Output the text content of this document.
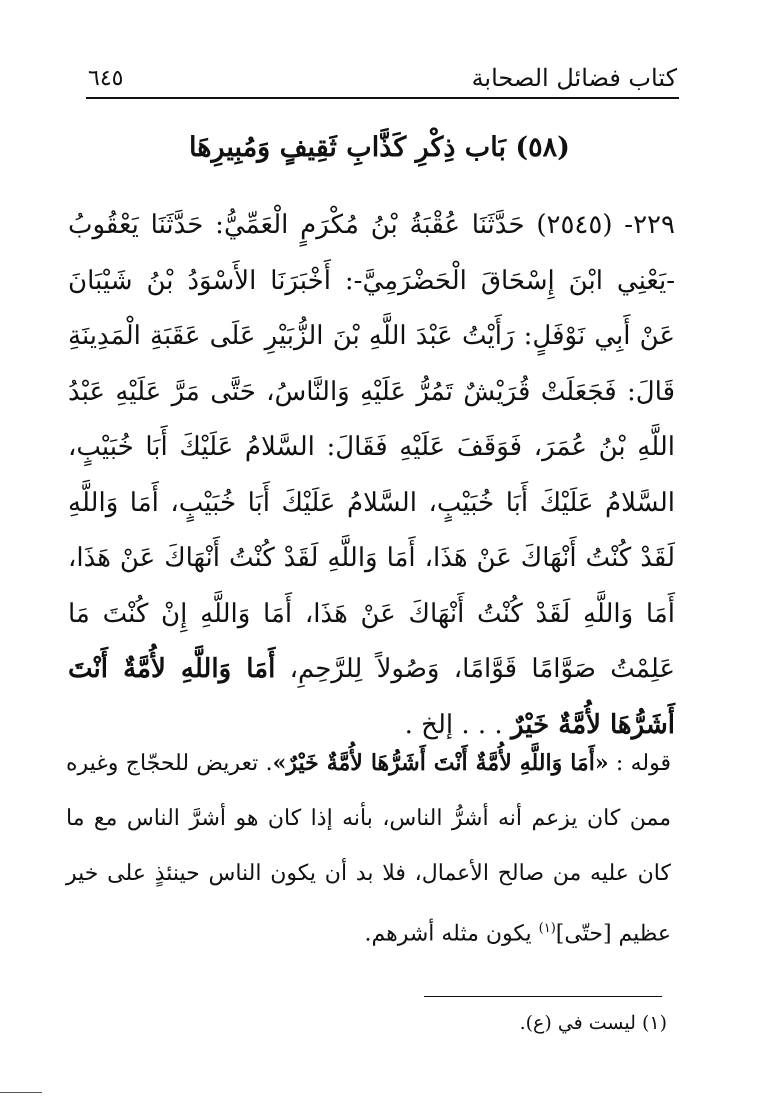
٦٤٥	كتاب فضائل الصحابة
(٥٨) بَاب ذِكْرِ كَذَّابِ ثَقِيفٍ وَمُبِيرِهَا
٢٢٩- (٢٥٤٥) حَدَّثَنَا عُقْبَةُ بْنُ مُكْرَمٍ الْعَمِّيُّ: حَدَّثَنَا يَعْقُوبُ -يَعْنِي ابْنَ إِسْحَاقَ الْحَضْرَمِيَّ-: أَخْبَرَنَا الأَسْوَدُ بْنُ شَيْبَانَ عَنْ أَبِي نَوْفَلٍ: رَأَيْتُ عَبْدَ اللَّهِ بْنَ الزُّبَيْرِ عَلَى عَقَبَةِ الْمَدِينَةِ قَالَ: فَجَعَلَتْ قُرَيْشٌ تَمُرُّ عَلَيْهِ وَالنَّاسُ، حَتَّى مَرَّ عَلَيْهِ عَبْدُ اللَّهِ بْنُ عُمَرَ، فَوَقَفَ عَلَيْهِ فَقَالَ: السَّلامُ عَلَيْكَ أَبَا خُبَيْبٍ، السَّلامُ عَلَيْكَ أَبَا خُبَيْبٍ، السَّلامُ عَلَيْكَ أَبَا خُبَيْبٍ، أَمَا وَاللَّهِ لَقَدْ كُنْتُ أَنْهَاكَ عَنْ هَذَا، أَمَا وَاللَّهِ لَقَدْ كُنْتُ أَنْهَاكَ عَنْ هَذَا، أَمَا وَاللَّهِ لَقَدْ كُنْتُ أَنْهَاكَ عَنْ هَذَا، أَمَا وَاللَّهِ إِنْ كُنْتَ مَا عَلِمْتُ صَوَّامًا قَوَّامًا، وَصُولاً لِلرَّحِمِ، أَمَا وَاللَّهِ لأُمَّةٌ أَنْتَ أَشَرُّهَا لأُمَّةٌ خَيْرٌ . . . إلخ .
قوله : «أَمَا وَاللَّهِ لأُمَّةٌ أَنْتَ أَشَرُّهَا لأُمَّةٌ خَيْرٌ». تعريض للحجّاج وغيره ممن كان يزعم أنه أشرُّ الناس، بأنه إذا كان هو أشرَّ الناس مع ما كان عليه من صالح الأعمال، فلا بد أن يكون الناس حينئذٍ على خير عظيم [حتّى]$^{(١)}$ يكون مثله أشرهم.
(١) ليست في (ع).
